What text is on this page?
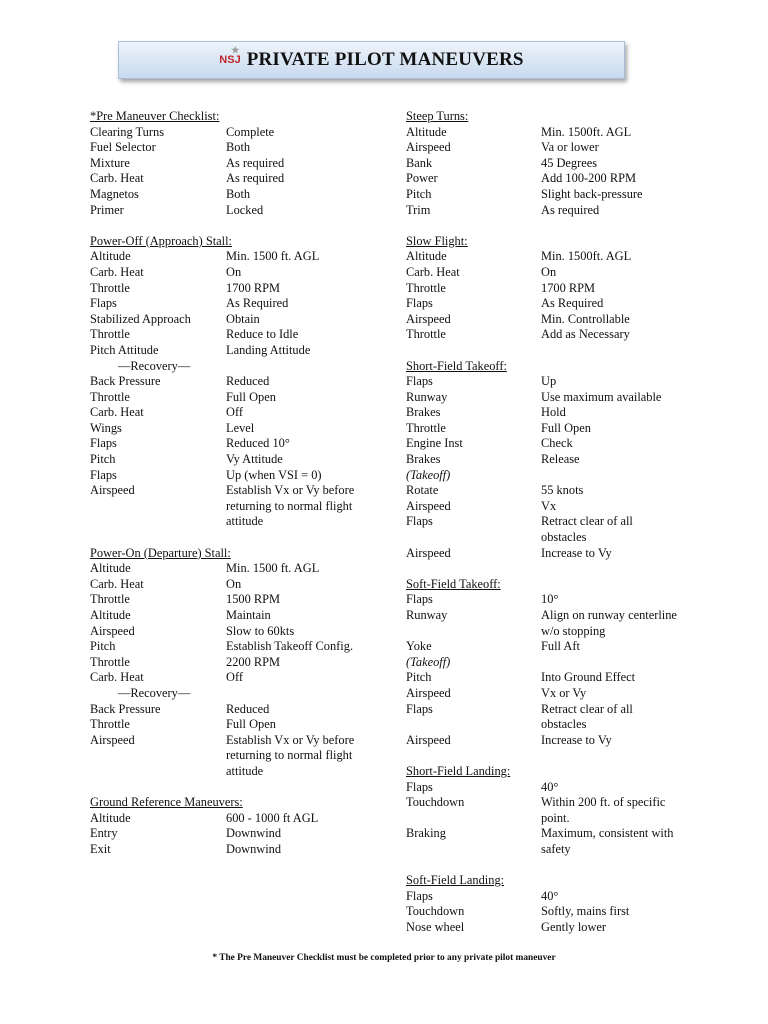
★
NSJ PRIVATE PILOT MANEUVERS
*Pre Maneuver Checklist:
Clearing Turns	Complete
Fuel Selector	Both
Mixture	As required
Carb. Heat	As required
Magnetos	Both
Primer	Locked
Power-Off (Approach) Stall:
Altitude	Min. 1500 ft. AGL
Carb. Heat	On
Throttle	1700 RPM
Flaps	As Required
Stabilized Approach	Obtain
Throttle	Reduce to Idle
Pitch Attitude	Landing Attitude
—Recovery—
Back Pressure	Reduced
Throttle	Full Open
Carb. Heat	Off
Wings	Level
Flaps	Reduced 10°
Pitch	Vy Attitude
Flaps	Up (when VSI = 0)
Airspeed	Establish Vx or Vy before returning to normal flight attitude
Power-On (Departure) Stall:
Altitude	Min. 1500 ft. AGL
Carb. Heat	On
Throttle	1500 RPM
Altitude	Maintain
Airspeed	Slow to 60kts
Pitch	Establish Takeoff Config.
Throttle	2200 RPM
Carb. Heat	Off
—Recovery—
Back Pressure	Reduced
Throttle	Full Open
Airspeed	Establish Vx or Vy before returning to normal flight attitude
Ground Reference Maneuvers:
Altitude	600 - 1000 ft AGL
Entry	Downwind
Exit	Downwind
Steep Turns:
Altitude	Min. 1500ft. AGL
Airspeed	Va or lower
Bank	45 Degrees
Power	Add 100-200 RPM
Pitch	Slight back-pressure
Trim	As required
Slow Flight:
Altitude	Min. 1500ft. AGL
Carb. Heat	On
Throttle	1700 RPM
Flaps	As Required
Airspeed	Min. Controllable
Throttle	Add as Necessary
Short-Field Takeoff:
Flaps	Up
Runway	Use maximum available
Brakes	Hold
Throttle	Full Open
Engine Inst	Check
Brakes	Release
(Takeoff)
Rotate	55 knots
Airspeed	Vx
Flaps	Retract clear of all obstacles
Airspeed	Increase to Vy
Soft-Field Takeoff:
Flaps	10°
Runway	Align on runway centerline w/o stopping
Yoke	Full Aft
(Takeoff)
Pitch	Into Ground Effect
Airspeed	Vx or Vy
Flaps	Retract clear of all obstacles
Airspeed	Increase to Vy
Short-Field Landing:
Flaps	40°
Touchdown	Within 200 ft. of specific point.
Braking	Maximum, consistent with safety
Soft-Field Landing:
Flaps	40°
Touchdown	Softly, mains first
Nose wheel	Gently lower
* The Pre Maneuver Checklist must be completed prior to any private pilot maneuver
